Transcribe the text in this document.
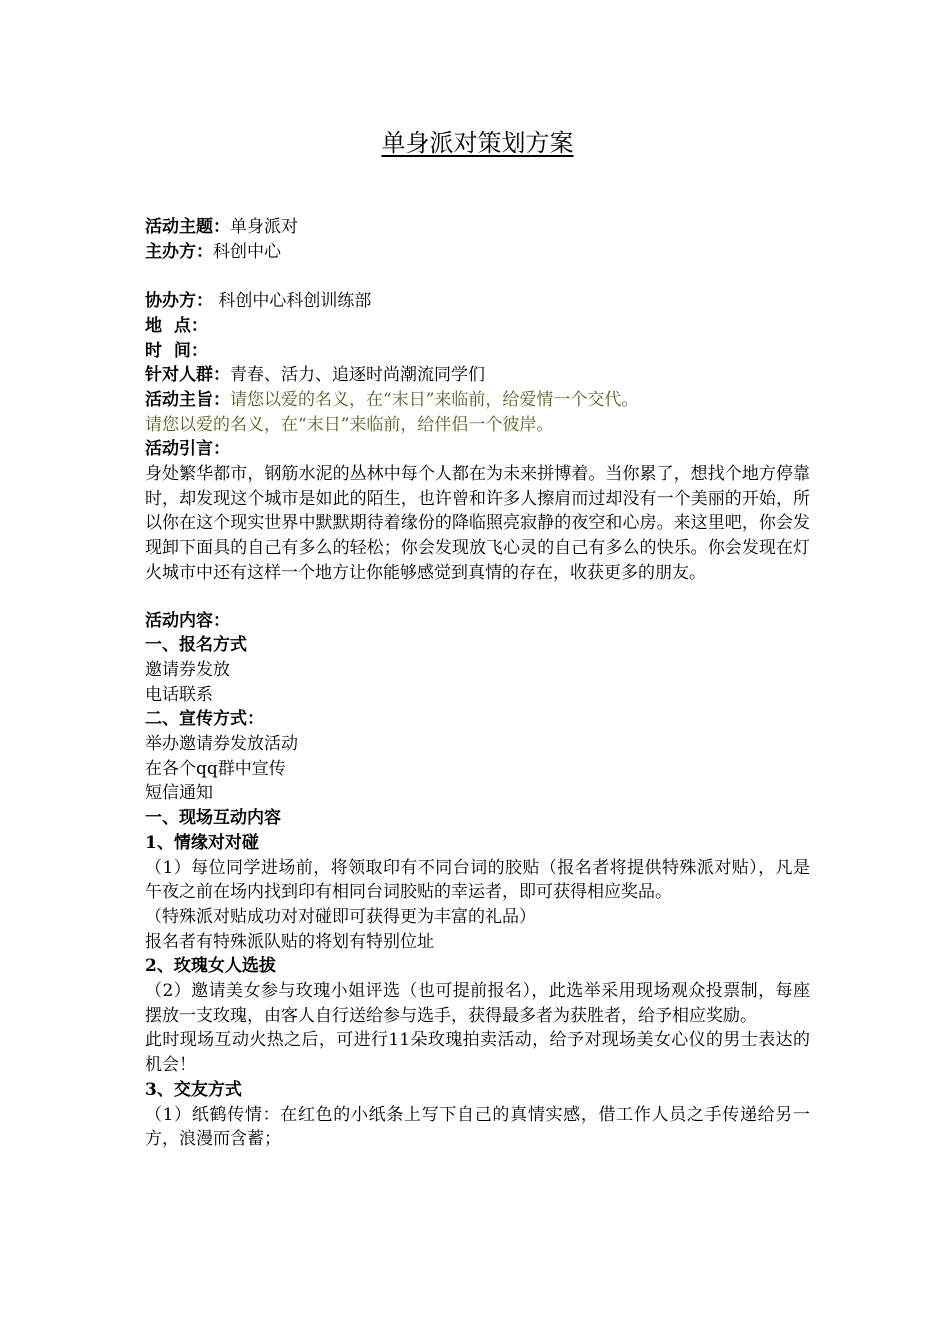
单身派对策划方案

活动主题：单身派对

主办方：科创中心

协办方： 科创中心科创训练部

地  点：

时  间：

针对人群：青春、活力、追逐时尚潮流同学们

活动主旨：请您以爱的名义，在“末日”来临前，给爱情一个交代。

请您以爱的名义，在“末日”来临前，给伴侣一个彼岸。

活动引言：

身处繁华都市，钢筋水泥的丛林中每个人都在为未来拼博着。当你累了，想找个地方停靠时，却发现这个城市是如此的陌生，也许曾和许多人擦肩而过却没有一个美丽的开始，所以你在这个现实世界中默默期待着缘份的降临照亮寂静的夜空和心房。来这里吧，你会发现卸下面具的自己有多么的轻松；你会发现放飞心灵的自己有多么的快乐。你会发现在灯火城市中还有这样一个地方让你能够感觉到真情的存在，收获更多的朋友。

活动内容：

一、报名方式

邀请券发放

电话联系

二、宣传方式：

举办邀请券发放活动

在各个qq群中宣传

短信通知

一、现场互动内容

1、情缘对对碰

（1）每位同学进场前，将领取印有不同台词的胶贴（报名者将提供特殊派对贴），凡是午夜之前在场内找到印有相同台词胶贴的幸运者，即可获得相应奖品。

（特殊派对贴成功对对碰即可获得更为丰富的礼品）

报名者有特殊派队贴的将划有特别位址

2、玫瑰女人选拔

（2）邀请美女参与玫瑰小姐评选（也可提前报名），此选举采用现场观众投票制，每座摆放一支玫瑰，由客人自行送给参与选手，获得最多者为获胜者，给予相应奖励。

此时现场互动火热之后，可进行11朵玫瑰拍卖活动，给予对现场美女心仪的男士表达的机会！

3、交友方式

（1）纸鹤传情：在红色的小纸条上写下自己的真情实感，借工作人员之手传递给另一方，浪漫而含蓄；
